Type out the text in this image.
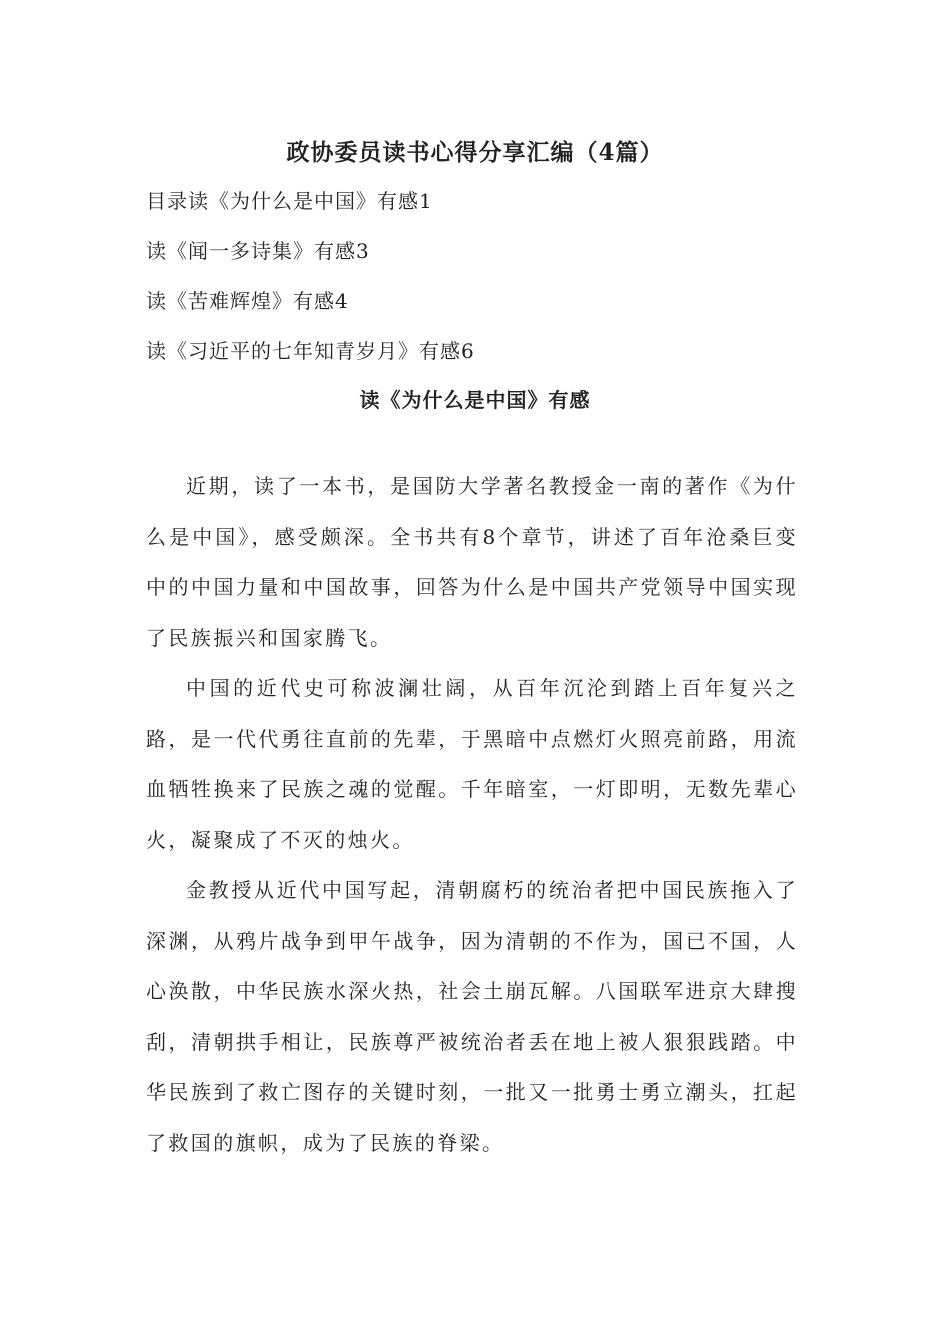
政协委员读书心得分享汇编（4篇）
目录读《为什么是中国》有感1
读《闻一多诗集》有感3
读《苦难辉煌》有感4
读《习近平的七年知青岁月》有感6
读《为什么是中国》有感

近期，读了一本书，是国防大学著名教授金一南的著作《为什么是中国》，感受颇深。全书共有8个章节，讲述了百年沧桑巨变中的中国力量和中国故事，回答为什么是中国共产党领导中国实现了民族振兴和国家腾飞。

中国的近代史可称波澜壮阔，从百年沉沦到踏上百年复兴之路，是一代代勇往直前的先辈，于黑暗中点燃灯火照亮前路，用流血牺牲换来了民族之魂的觉醒。千年暗室，一灯即明，无数先辈心火，凝聚成了不灭的烛火。

金教授从近代中国写起，清朝腐朽的统治者把中国民族拖入了深渊，从鸦片战争到甲午战争，因为清朝的不作为，国已不国，人心涣散，中华民族水深火热，社会土崩瓦解。八国联军进京大肆搜刮，清朝拱手相让，民族尊严被统治者丢在地上被人狠狠践踏。中华民族到了救亡图存的关键时刻，一批又一批勇士勇立潮头，扛起了救国的旗帜，成为了民族的脊梁。
